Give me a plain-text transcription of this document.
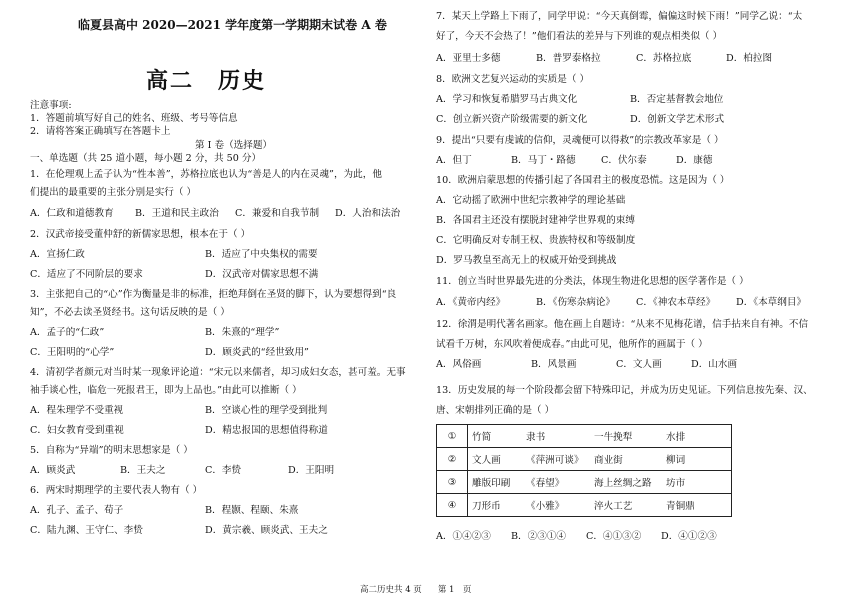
临夏县高中 2020—2021 学年度第一学期期末试卷 A 卷
高二　历史
注意事项:
1．答题前填写好自己的姓名、班级、考号等信息
2．请将答案正确填写在答题卡上
第 I 卷（选择题）
一、单选题（共 25 道小题，每小题 2 分，共 50 分）
1．在伦理观上孟子认为“性本善”，苏格拉底也认为“善是人的内在灵魂”，为此，他
们提出的最重要的主张分别是实行（ ）
A．仁政和道德教育 B．王道和民主政治 C．兼爱和自我节制 D．人治和法治
2．汉武帝接受董仲舒的新儒家思想，根本在于（ ）
A．宣扬仁政	B．适应了中央集权的需要
C．适应了不同阶层的要求	D．汉武帝对儒家思想不满
3．主张把自己的“心”作为衡量是非的标准，拒绝拜倒在圣贤的脚下，认为要想得到“良
知”，不必去读圣贤经书。这句话反映的是（ ）
A．孟子的“仁政”	B．朱熹的“理学”
C．王阳明的“心学”	D．顾炎武的“经世致用”
4．清初学者颜元对当时某一现象评论道：“宋元以来儒者，却习成妇女态，甚可羞。无事
袖手谈心性，临危一死报君王，即为上品也。”由此可以推断（ ）
A．程朱理学不受重视	B．空谈心性的理学受到批判
C．妇女教育受到重视	D．精忠报国的思想值得称道
5．自称为“异端”的明末思想家是（ ）
A．顾炎武	B．王夫之	C．李贽	D．王阳明
6．两宋时期理学的主要代表人物有（ ）
A．孔子、孟子、荀子	B．程颢、程颐、朱熹
C．陆九渊、王守仁、李贽	D．黄宗羲、顾炎武、王夫之
7．某天上学路上下雨了，同学甲说：“今天真倒霉，偏偏这时候下雨！”同学乙说：“太
好了，今天不会热了！”他们看法的差异与下列谁的观点相类似（ ）
A．亚里士多德	B．普罗泰格拉	C．苏格拉底	D．柏拉图
8．欧洲文艺复兴运动的实质是（ ）
A．学习和恢复希腊罗马古典文化	B．否定基督教会地位
C．创立新兴资产阶级需要的新文化	D．创新文学艺术形式
9．提出“只要有虔诚的信仰，灵魂便可以得救”的宗教改革家是（ ）
A．但丁	B．马丁・路德	C．伏尔泰	D．康德
10．欧洲启蒙思想的传播引起了各国君主的极度恐慌。这是因为（ ）
A．它动摇了欧洲中世纪宗教神学的理论基础
B．各国君主还没有摆脱封建神学世界观的束缚
C．它明确反对专制王权、贵族特权和等级制度
D．罗马教皇至高无上的权威开始受到挑战
11．创立当时世界最先进的分类法，体现生物进化思想的医学著作是（ ）
A．《黄帝内经》	B．《伤寒杂病论》 C．《神农本草经》 D．《本草纲目》
12．徐渭是明代著名画家。他在画上自题诗：“从来不见梅花谱，信手拈来自有神。不信
试看千万树，东风吹着便成春。”由此可见，他所作的画属于（ ）
A．风俗画	B．风景画	C．文人画	D．山水画
13．历史发展的每一个阶段都会留下特殊印记，并成为历史见证。下列信息按先秦、汉、
唐、宋朝排列正确的是（ ）
①	竹简 隶书 一牛挽犁 水排
②	文人画 《萍洲可谈》 商业街 柳词
③	雕版印刷 《春望》 海上丝绸之路 坊市
④	刀形币 《小雅》 淬火工艺 青铜鼎
A．①④②③ B．②③①④ C．④①③② D．④①②③
高二历史共 4 页 第 1　页
